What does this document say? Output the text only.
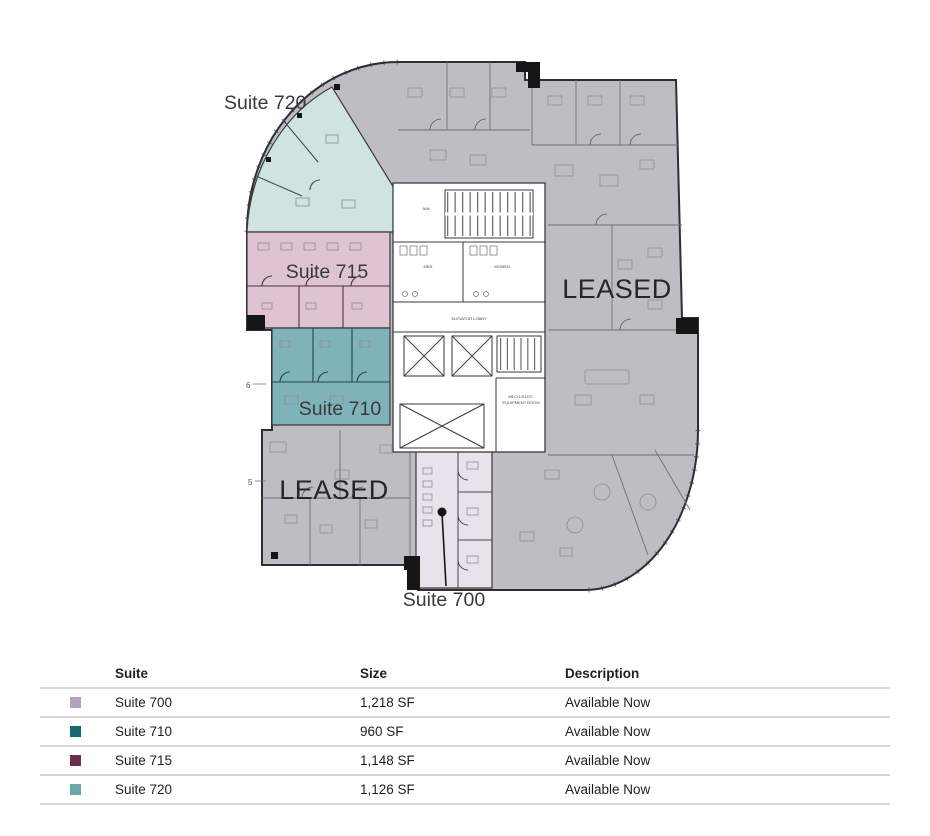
JAN.
MEN	WOMEN
ELEVATOR LOBBY
MECH./ELEC.
EQUIPMENT ROOM
6
5
Suite 720
Suite 715
Suite 710
Suite 700
LEASED
LEASED
Suite	Size	Description
Suite 700	1,218 SF	Available Now
Suite 710	960 SF	Available Now
Suite 715	1,148 SF	Available Now
Suite 720	1,126 SF	Available Now
